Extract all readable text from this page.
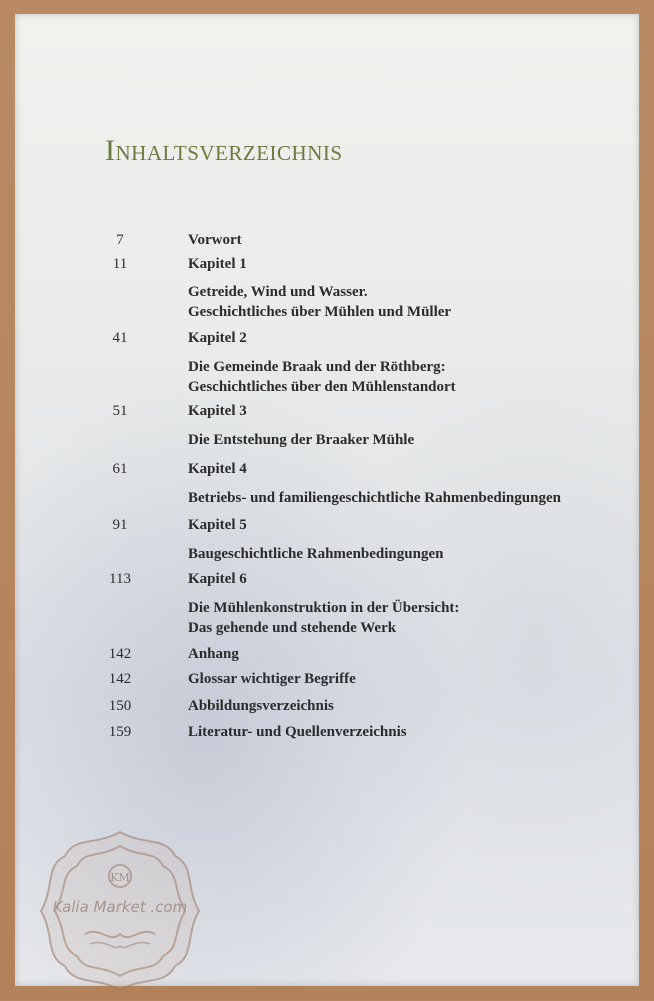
Inhaltsverzeichnis
7	Vorwort
11	Kapitel 1
Getreide, Wind und Wasser.
Geschichtliches über Mühlen und Müller
41	Kapitel 2
Die Gemeinde Braak und der Röthberg:
Geschichtliches über den Mühlenstandort
51	Kapitel 3
Die Entstehung der Braaker Mühle
61	Kapitel 4
Betriebs- und familiengeschichtliche Rahmenbedingungen
91	Kapitel 5
Baugeschichtliche Rahmenbedingungen
113	Kapitel 6
Die Mühlenkonstruktion in der Übersicht:
Das gehende und stehende Werk
142	Anhang
142	Glossar wichtiger Begriffe
150	Abbildungsverzeichnis
159	Literatur- und Quellenverzeichnis
KM
Kalia Market .com
